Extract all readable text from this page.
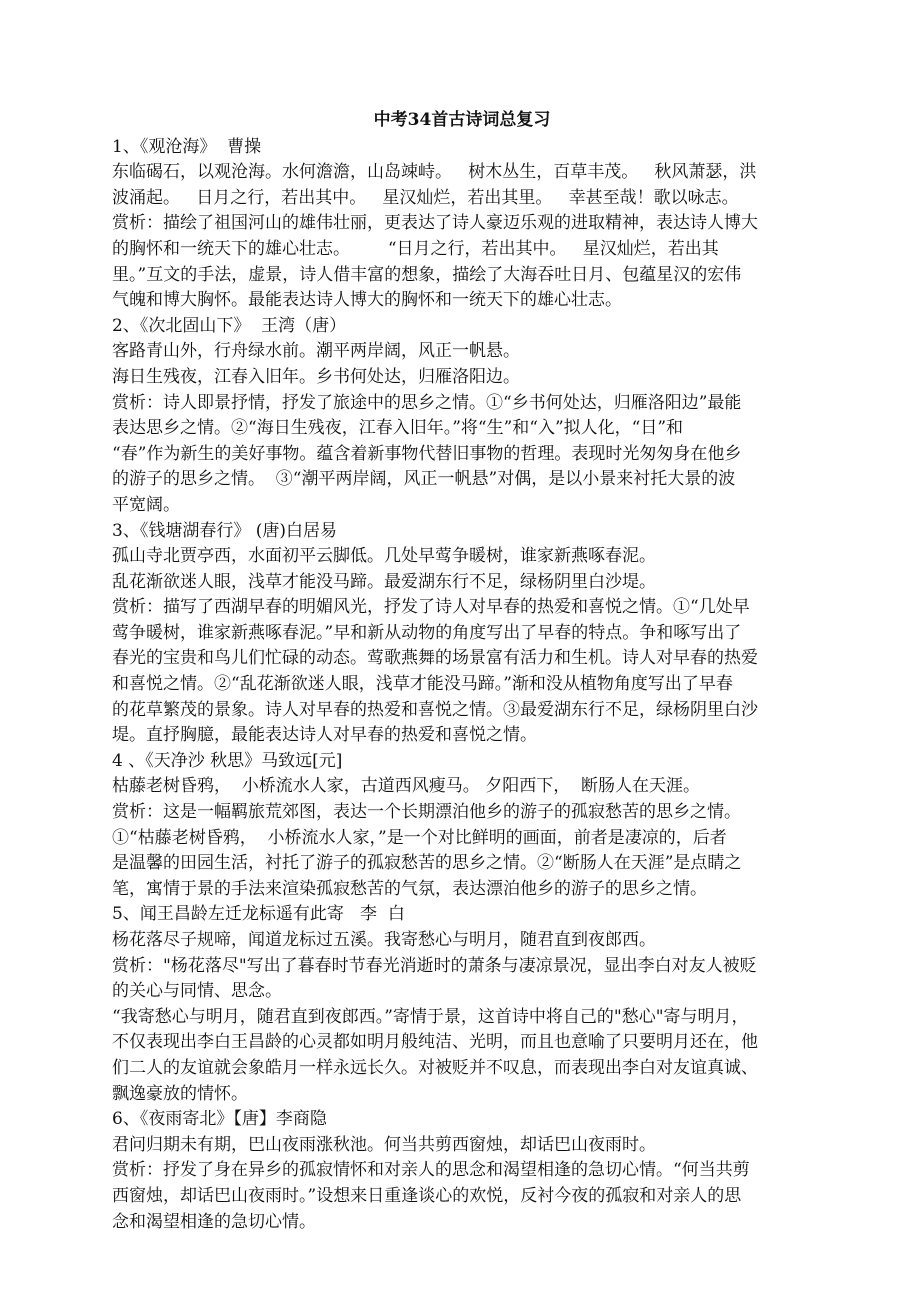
中考34首古诗词总复习
1、《观沧海》  曹操
东临碣石，以观沧海。水何澹澹，山岛竦峙。   树木丛生，百草丰茂。   秋风萧瑟，洪
波涌起。   日月之行，若出其中。   星汉灿烂，若出其里。   幸甚至哉！歌以咏志。
赏析：描绘了祖国河山的雄伟壮丽，更表达了诗人豪迈乐观的进取精神，表达诗人博大
的胸怀和一统天下的雄心壮志。       “日月之行，若出其中。   星汉灿烂，若出其
里。”互文的手法，虚景，诗人借丰富的想象，描绘了大海吞吐日月、包蕴星汉的宏伟
气魄和博大胸怀。最能表达诗人博大的胸怀和一统天下的雄心壮志。
2、《次北固山下》  王湾（唐）
客路青山外，行舟绿水前。潮平两岸阔，风正一帆悬。
海日生残夜，江春入旧年。乡书何处达，归雁洛阳边。
赏析：诗人即景抒情，抒发了旅途中的思乡之情。①“乡书何处达，归雁洛阳边”最能
表达思乡之情。②“海日生残夜，江春入旧年。”将“生”和“入”拟人化，“日”和
“春”作为新生的美好事物。蕴含着新事物代替旧事物的哲理。表现时光匆匆身在他乡
的游子的思乡之情。  ③“潮平两岸阔，风正一帆悬”对偶，是以小景来衬托大景的波
平宽阔。
3、《钱塘湖春行》 (唐)白居易
孤山寺北贾亭西，水面初平云脚低。几处早莺争暖树，谁家新燕啄春泥。
乱花渐欲迷人眼，浅草才能没马蹄。最爱湖东行不足，绿杨阴里白沙堤。
赏析：描写了西湖早春的明媚风光，抒发了诗人对早春的热爱和喜悦之情。①“几处早
莺争暖树，谁家新燕啄春泥。”早和新从动物的角度写出了早春的特点。争和啄写出了
春光的宝贵和鸟儿们忙碌的动态。莺歌燕舞的场景富有活力和生机。诗人对早春的热爱
和喜悦之情。②“乱花渐欲迷人眼，浅草才能没马蹄。”渐和没从植物角度写出了早春
的花草繁茂的景象。诗人对早春的热爱和喜悦之情。③最爱湖东行不足，绿杨阴里白沙
堤。直抒胸臆，最能表达诗人对早春的热爱和喜悦之情。
4 、《天净沙 秋思》马致远[元]
枯藤老树昏鸦，  小桥流水人家，古道西风瘦马。 夕阳西下，  断肠人在天涯。
赏析：这是一幅羁旅荒郊图，表达一个长期漂泊他乡的游子的孤寂愁苦的思乡之情。
①“枯藤老树昏鸦，  小桥流水人家，”是一个对比鲜明的画面，前者是凄凉的，后者
是温馨的田园生活，衬托了游子的孤寂愁苦的思乡之情。②“断肠人在天涯”是点睛之
笔，寓情于景的手法来渲染孤寂愁苦的气氛，表达漂泊他乡的游子的思乡之情。
5、闻王昌龄左迁龙标遥有此寄   李  白
杨花落尽子规啼，闻道龙标过五溪。我寄愁心与明月，随君直到夜郎西。
赏析："杨花落尽"写出了暮春时节春光消逝时的萧条与凄凉景况，显出李白对友人被贬
的关心与同情、思念。
“我寄愁心与明月，随君直到夜郎西。”寄情于景，这首诗中将自己的"愁心"寄与明月，
不仅表现出李白王昌龄的心灵都如明月般纯洁、光明，而且也意喻了只要明月还在，他
们二人的友谊就会象皓月一样永远长久。对被贬并不叹息，而表现出李白对友谊真诚、
飘逸豪放的情怀。
6、《夜雨寄北》【唐】李商隐
君问归期未有期，巴山夜雨涨秋池。何当共剪西窗烛，却话巴山夜雨时。
赏析：抒发了身在异乡的孤寂情怀和对亲人的思念和渴望相逢的急切心情。“何当共剪
西窗烛，却话巴山夜雨时。”设想来日重逢谈心的欢悦，反衬今夜的孤寂和对亲人的思
念和渴望相逢的急切心情。
